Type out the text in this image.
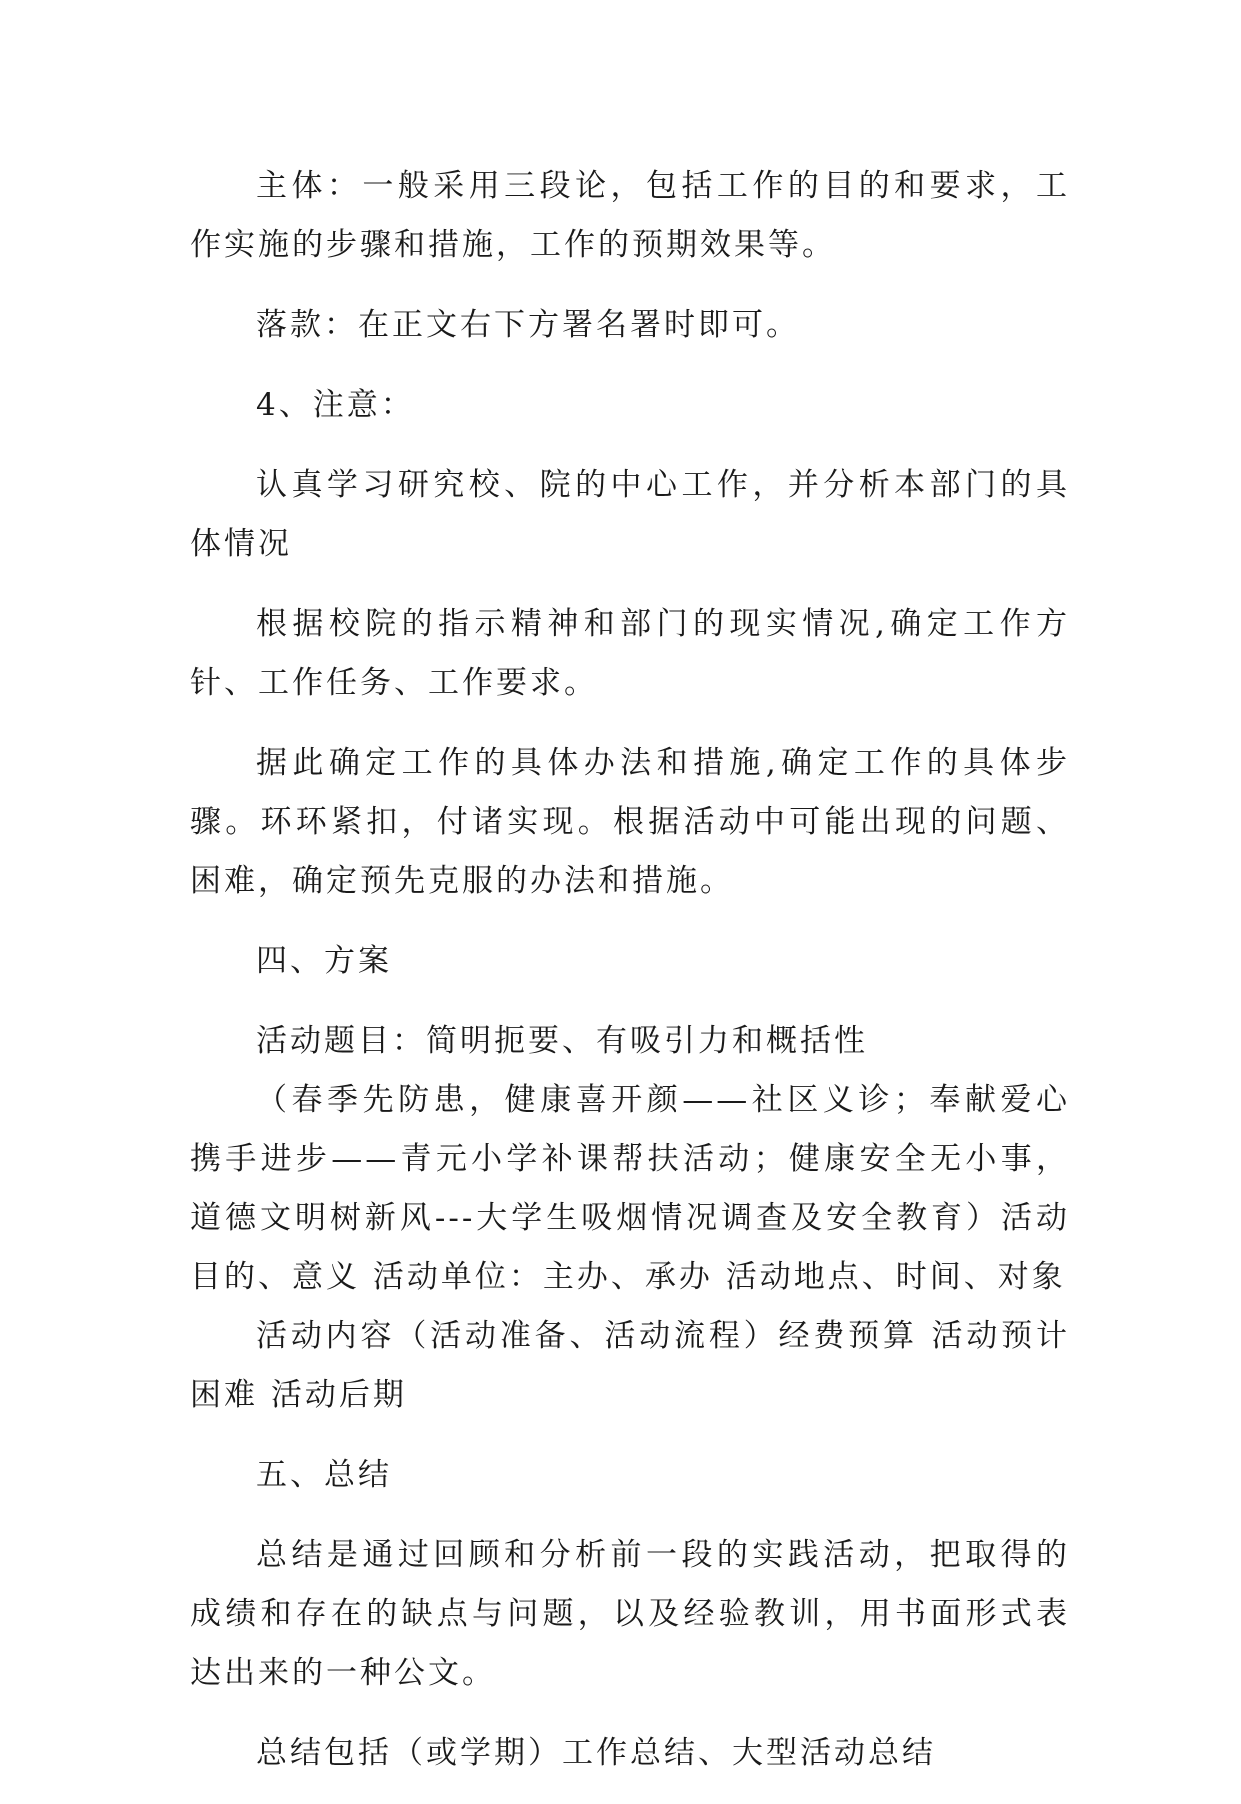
主体：一般采用三段论，包括工作的目的和要求，工作实施的步骤和措施，工作的预期效果等。

落款：在正文右下方署名署时即可。

4、注意：

认真学习研究校、院的中心工作，并分析本部门的具体情况

根据校院的指示精神和部门的现实情况,确定工作方针、工作任务、工作要求。

据此确定工作的具体办法和措施,确定工作的具体步骤。环环紧扣，付诸实现。根据活动中可能出现的问题、困难，确定预先克服的办法和措施。

四、方案

活动题目：简明扼要、有吸引力和概括性

（春季先防患，健康喜开颜——社区义诊；奉献爱心携手进步——青元小学补课帮扶活动；健康安全无小事，道德文明树新风---大学生吸烟情况调查及安全教育）活动目的、意义 活动单位：主办、承办 活动地点、时间、对象

活动内容（活动准备、活动流程）经费预算 活动预计困难 活动后期

五、总结

总结是通过回顾和分析前一段的实践活动，把取得的成绩和存在的缺点与问题，以及经验教训，用书面形式表达出来的一种公文。

总结包括（或学期）工作总结、大型活动总结
